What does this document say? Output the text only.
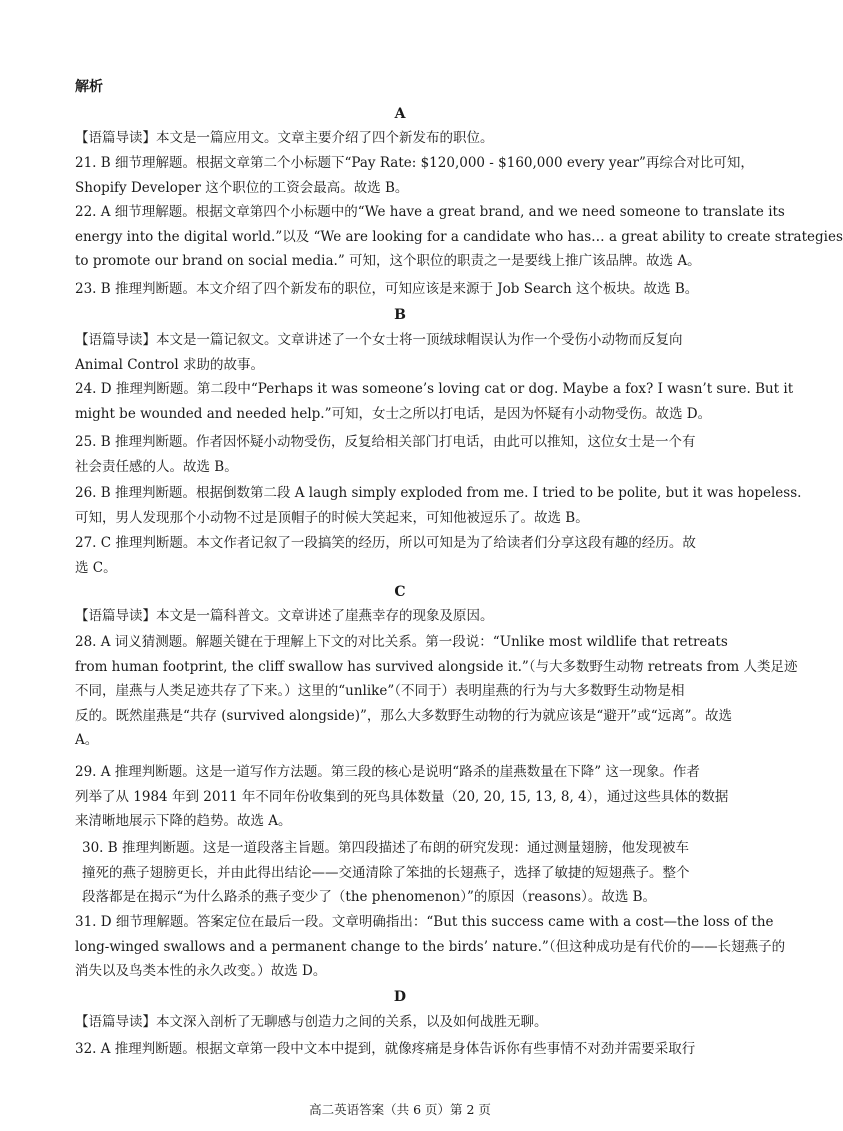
解析
A
【语篇导读】本文是一篇应用文。文章主要介绍了四个新发布的职位。
21. B 细节理解题。根据文章第二个小标题下“Pay Rate: $120,000 - $160,000 every year”再综合对比可知，
Shopify Developer 这个职位的工资会最高。故选 B。
22. A 细节理解题。根据文章第四个小标题中的“We have a great brand, and we need someone to translate its
energy into the digital world.”以及 “We are looking for a candidate who has… a great ability to create strategies
to promote our brand on social media.” 可知，这个职位的职责之一是要线上推广该品牌。故选 A。
23. B 推理判断题。本文介绍了四个新发布的职位，可知应该是来源于 Job Search 这个板块。故选 B。
B
【语篇导读】本文是一篇记叙文。文章讲述了一个女士将一顶绒球帽误认为作一个受伤小动物而反复向
Animal Control 求助的故事。
24. D 推理判断题。第二段中“Perhaps it was someone’s loving cat or dog. Maybe a fox? I wasn’t sure. But it
might be wounded and needed help.”可知，女士之所以打电话，是因为怀疑有小动物受伤。故选 D。
25. B 推理判断题。作者因怀疑小动物受伤，反复给相关部门打电话，由此可以推知，这位女士是一个有
社会责任感的人。故选 B。
26. B 推理判断题。根据倒数第二段 A laugh simply exploded from me. I tried to be polite, but it was hopeless.
可知，男人发现那个小动物不过是顶帽子的时候大笑起来，可知他被逗乐了。故选 B。
27. C 推理判断题。本文作者记叙了一段搞笑的经历，所以可知是为了给读者们分享这段有趣的经历。故
选 C。
C
【语篇导读】本文是一篇科普文。文章讲述了崖燕幸存的现象及原因。
28. A 词义猜测题。解题关键在于理解上下文的对比关系。第一段说：“Unlike most wildlife that retreats
from human footprint, the cliff swallow has survived alongside it.”（与大多数野生动物 retreats from 人类足迹
不同，崖燕与人类足迹共存了下来。）这里的“unlike”（不同于）表明崖燕的行为与大多数野生动物是相
反的。既然崖燕是“共存 (survived alongside)”，那么大多数野生动物的行为就应该是“避开”或“远离”。故选
A。
29. A 推理判断题。这是一道写作方法题。第三段的核心是说明“路杀的崖燕数量在下降” 这一现象。作者
列举了从 1984 年到 2011 年不同年份收集到的死鸟具体数量（20, 20, 15, 13, 8, 4），通过这些具体的数据
来清晰地展示下降的趋势。故选 A。
30. B 推理判断题。这是一道段落主旨题。第四段描述了布朗的研究发现：通过测量翅膀，他发现被车
撞死的燕子翅膀更长，并由此得出结论——交通清除了笨拙的长翅燕子，选择了敏捷的短翅燕子。整个
段落都是在揭示“为什么路杀的燕子变少了（the phenomenon）”的原因（reasons）。故选 B。
31. D 细节理解题。答案定位在最后一段。文章明确指出：“But this success came with a cost—the loss of the
long-winged swallows and a permanent change to the birds’ nature.”（但这种成功是有代价的——长翅燕子的
消失以及鸟类本性的永久改变。）故选 D。
D
【语篇导读】本文深入剖析了无聊感与创造力之间的关系，以及如何战胜无聊。
32. A 推理判断题。根据文章第一段中文本中提到，就像疼痛是身体告诉你有些事情不对劲并需要采取行
高二英语答案（共 6 页）第 2 页
